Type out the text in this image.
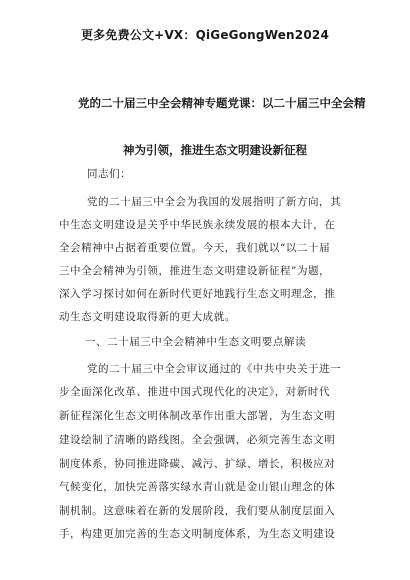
更多免费公文+VX：QiGeGongWen2024
党的二十届三中全会精神专题党课：以二十届三中全会精
神为引领，推进生态文明建设新征程
同志们：
党的二十届三中全会为我国的发展指明了新方向，其
中生态文明建设是关乎中华民族永续发展的根本大计，在
全会精神中占据着重要位置。今天，我们就以“以二十届
三中全会精神为引领，推进生态文明建设新征程”为题，
深入学习探讨如何在新时代更好地践行生态文明理念，推
动生态文明建设取得新的更大成就。
一、二十届三中全会精神中生态文明要点解读
党的二十届三中全会审议通过的《中共中央关于进一
步全面深化改革、推进中国式现代化的决定》，对新时代
新征程深化生态文明体制改革作出重大部署，为生态文明
建设绘制了清晰的路线图。全会强调，必须完善生态文明
制度体系，协同推进降碳、减污、扩绿、增长，积极应对
气候变化，加快完善落实绿水青山就是金山银山理念的体
制机制。这意味着在新的发展阶段，我们要从制度层面入
手，构建更加完善的生态文明制度体系，为生态文明建设
